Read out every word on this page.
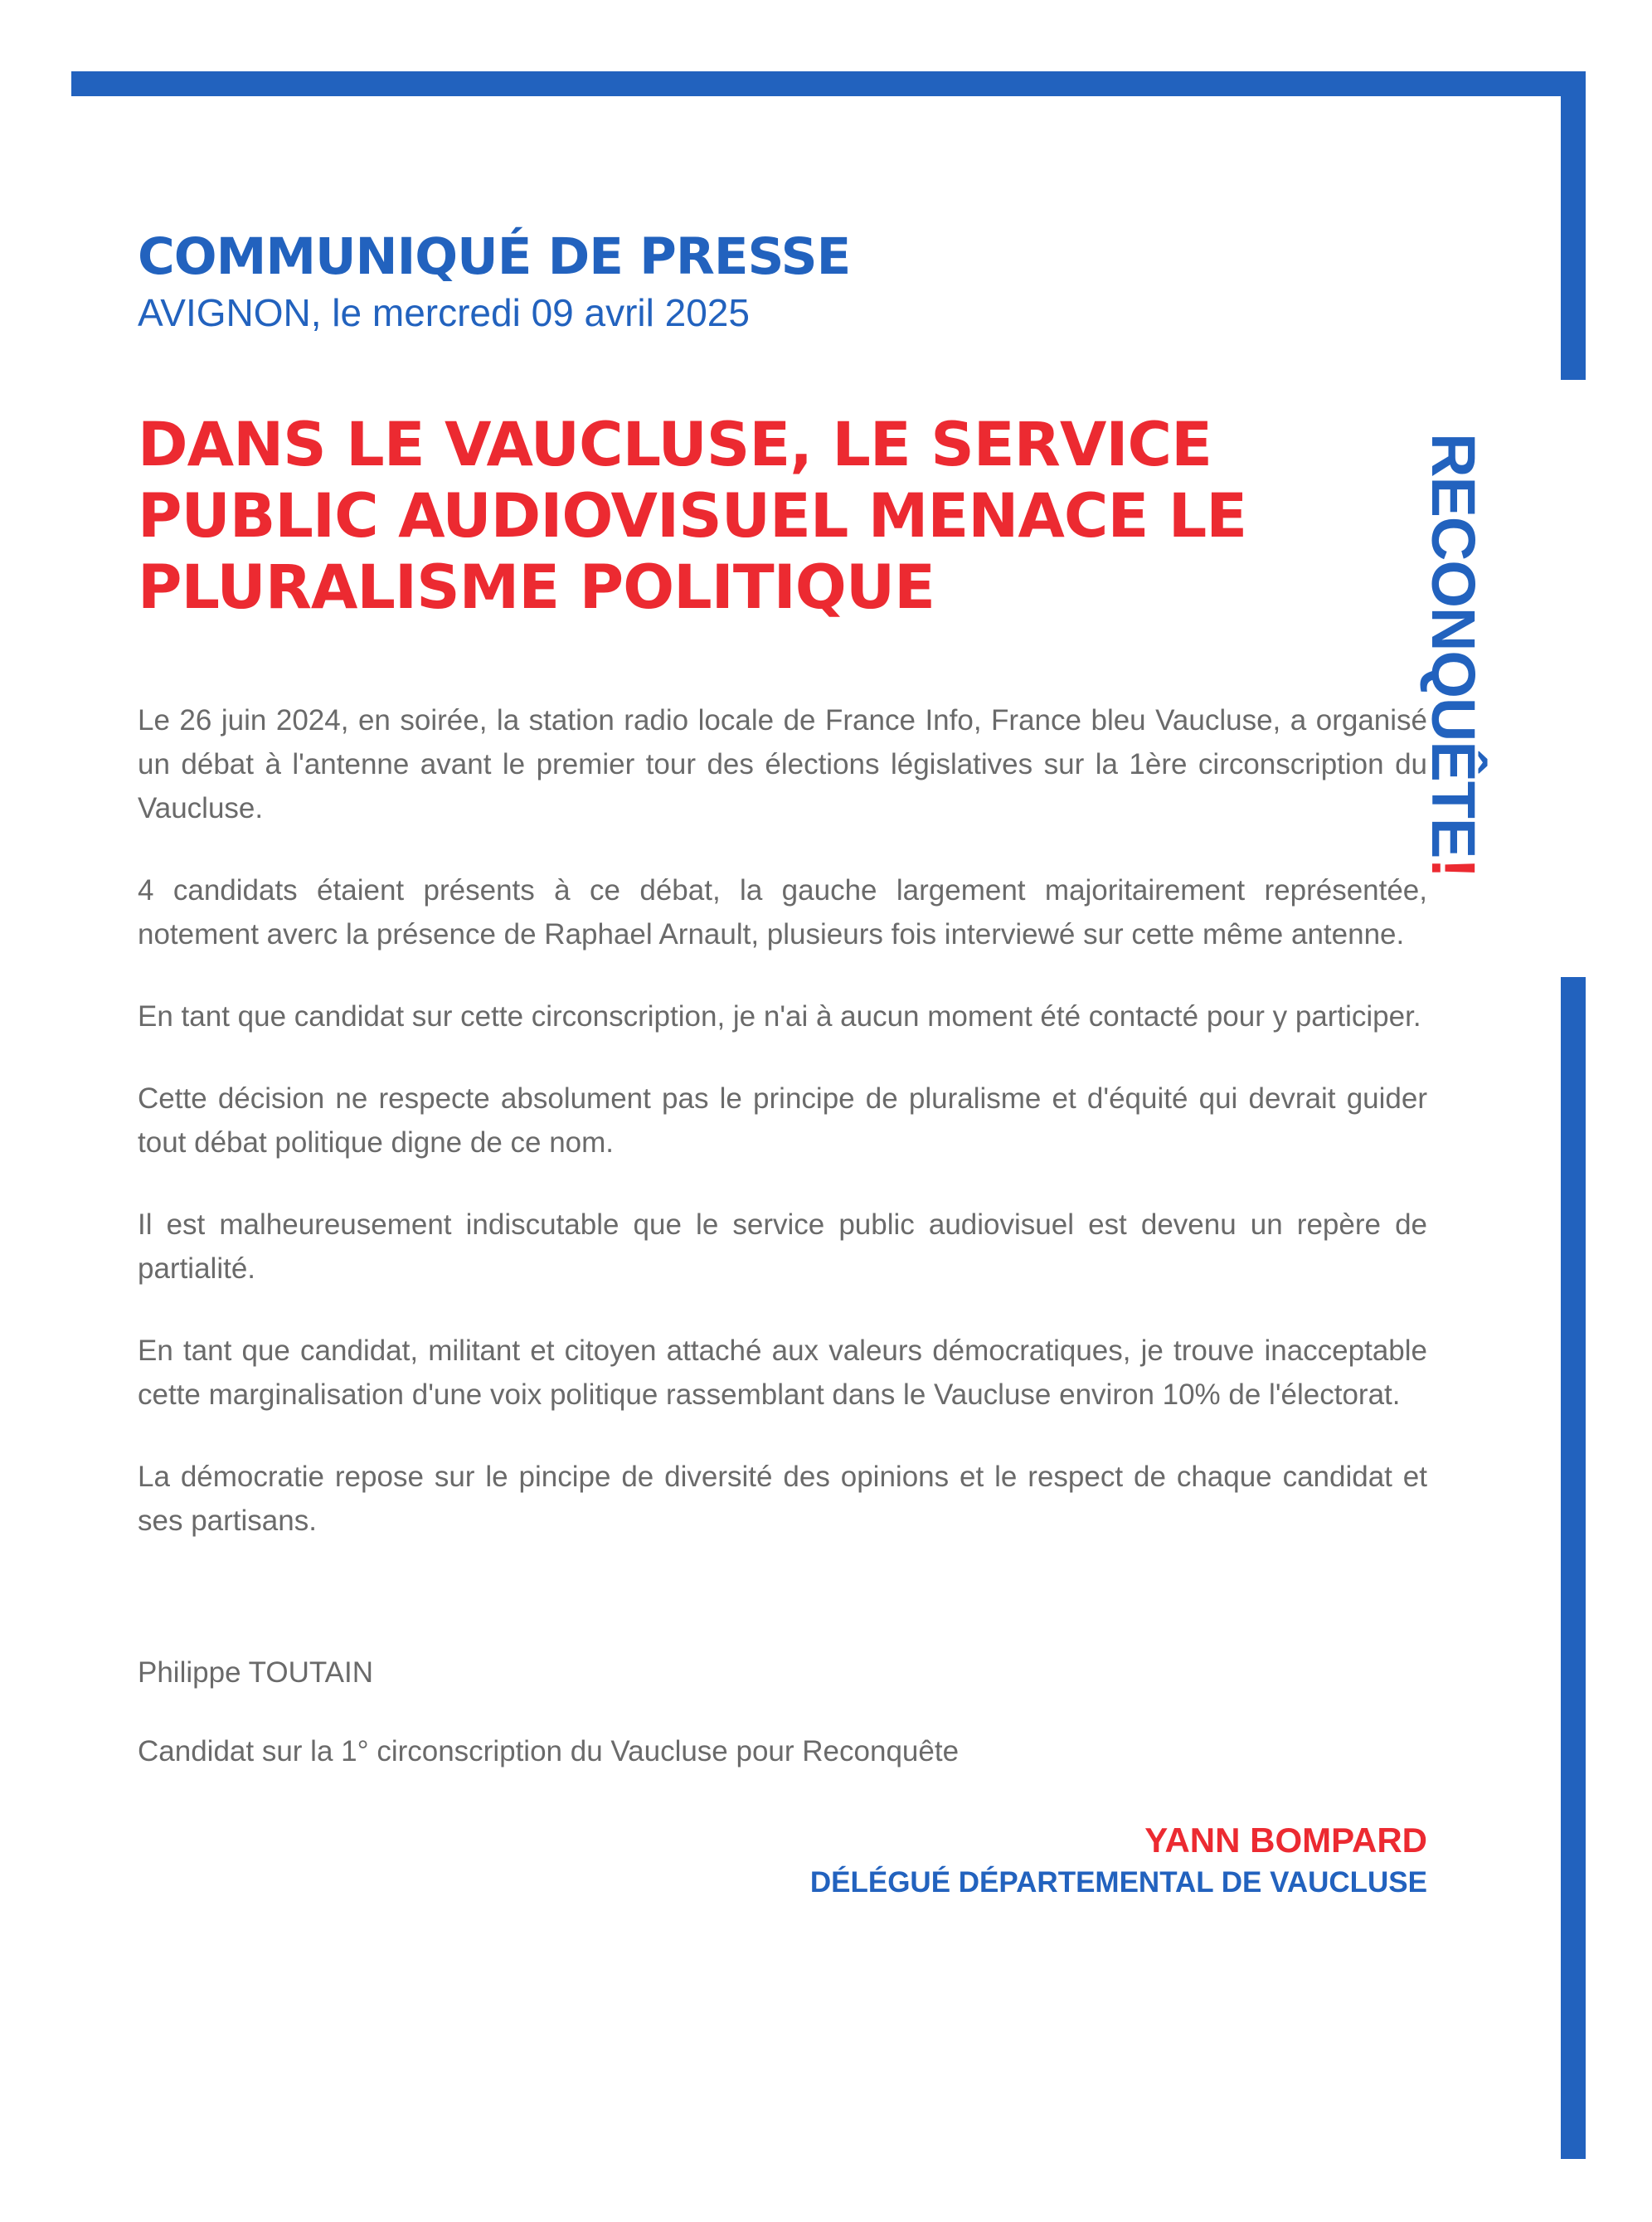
RECONQUÊTE!
COMMUNIQUÉ DE PRESSE

AVIGNON, le mercredi 09 avril 2025

DANS LE VAUCLUSE, LE SERVICE PUBLIC AUDIOVISUEL MENACE LE PLURALISME POLITIQUE

Le 26 juin 2024, en soirée, la station radio locale de France Info, France bleu Vaucluse, a organisé un débat à l'antenne avant le premier tour des élections législatives sur la 1ère circonscription du Vaucluse.

4 candidats étaient présents à ce débat, la gauche largement majoritairement représentée, notement averc la présence de Raphael Arnault, plusieurs fois interviewé sur cette même antenne.

En tant que candidat sur cette circonscription, je n'ai à aucun moment été contacté pour y participer.

Cette décision ne respecte absolument pas le principe de pluralisme et d'équité qui devrait guider tout débat politique digne de ce nom.

Il est malheureusement indiscutable que le service public audiovisuel est devenu un repère de partialité.

En tant que candidat, militant et citoyen attaché aux valeurs démocratiques, je trouve inacceptable cette marginalisation d'une voix politique rassemblant dans le Vaucluse environ 10% de l'électorat.

La démocratie repose sur le pincipe de diversité des opinions et le respect de chaque candidat et ses partisans.

Philippe TOUTAIN

Candidat sur la 1° circonscription du Vaucluse pour Reconquête

YANN BOMPARD

DÉLÉGUÉ DÉPARTEMENTAL DE VAUCLUSE
